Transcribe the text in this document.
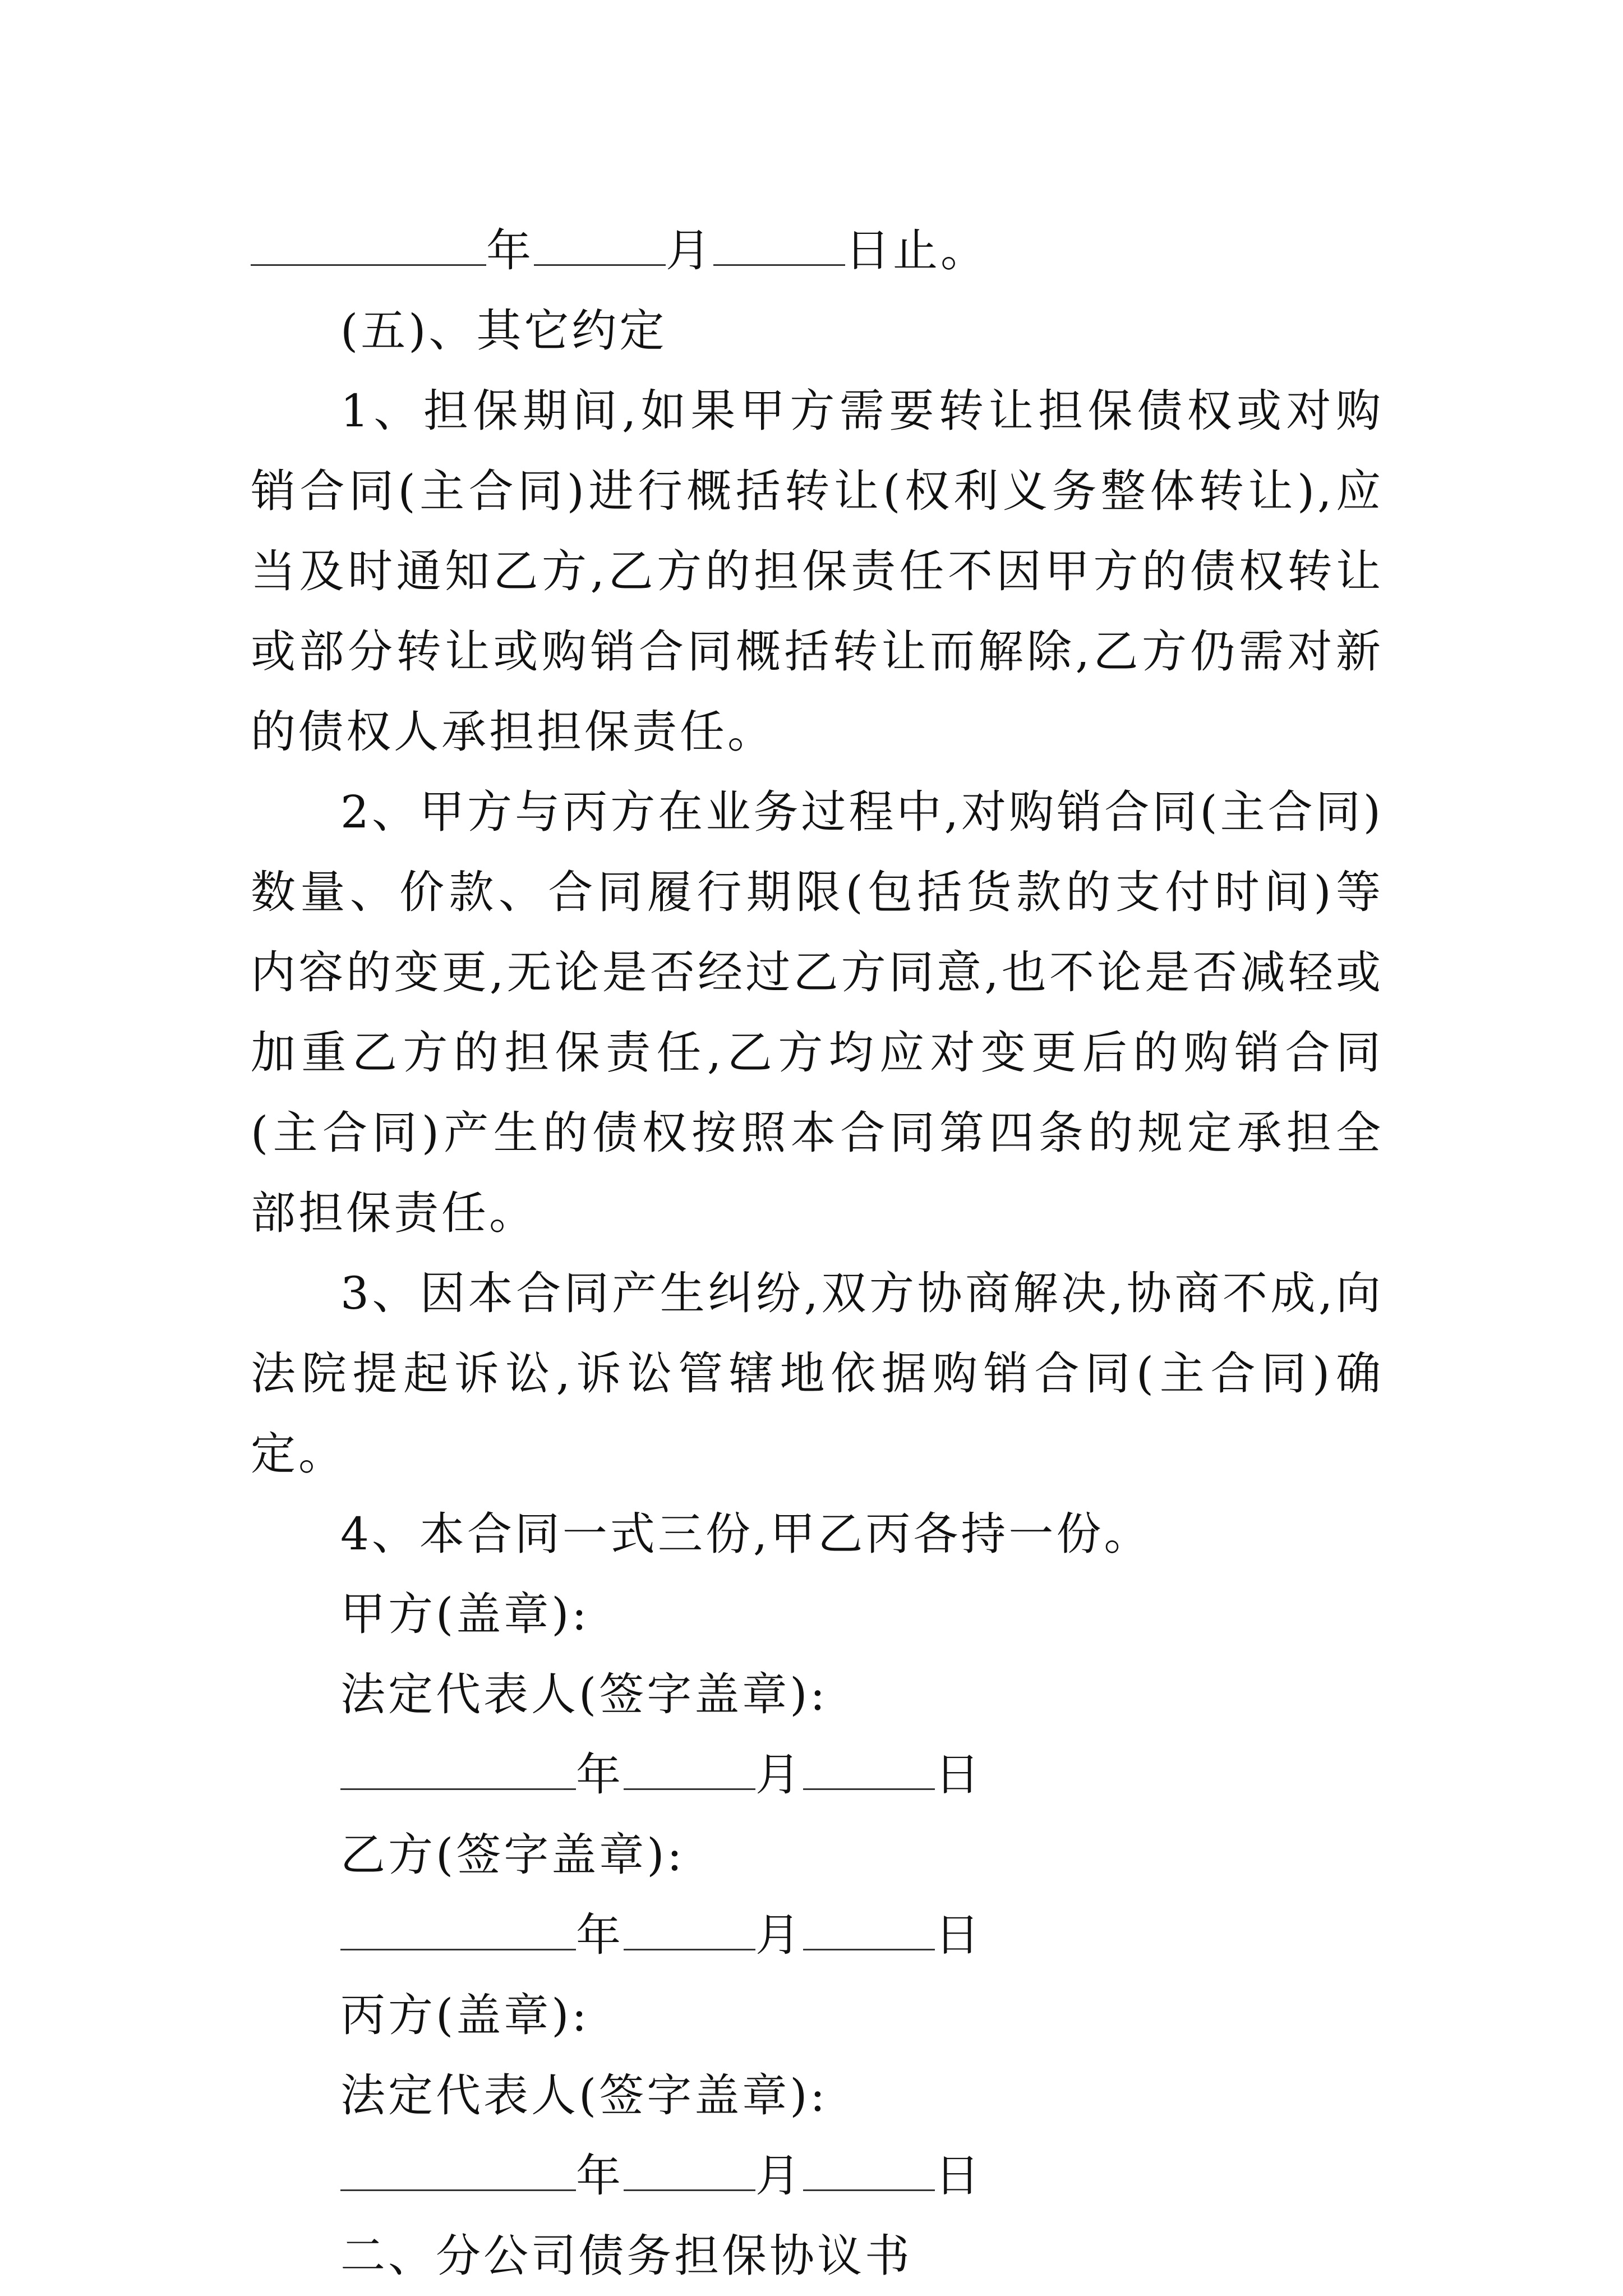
年	月	日止。
(五)、其它约定

1、担保期间,如果甲方需要转让担保债权或对购销合同(主合同)进行概括转让(权利义务整体转让),应当及时通知乙方,乙方的担保责任不因甲方的债权转让或部分转让或购销合同概括转让而解除,乙方仍需对新的债权人承担担保责任。

2、甲方与丙方在业务过程中,对购销合同(主合同)数量、价款、合同履行期限(包括货款的支付时间)等内容的变更,无论是否经过乙方同意,也不论是否减轻或加重乙方的担保责任,乙方均应对变更后的购销合同(主合同)产生的债权按照本合同第四条的规定承担全部担保责任。

3、因本合同产生纠纷,双方协商解决,协商不成,向法院提起诉讼,诉讼管辖地依据购销合同(主合同)确定。

4、本合同一式三份,甲乙丙各持一份。

甲方(盖章):
法定代表人(签字盖章):
年	月	日
乙方(签字盖章):
年	月	日
丙方(盖章):
法定代表人(签字盖章):
年	月	日
二、分公司债务担保协议书
